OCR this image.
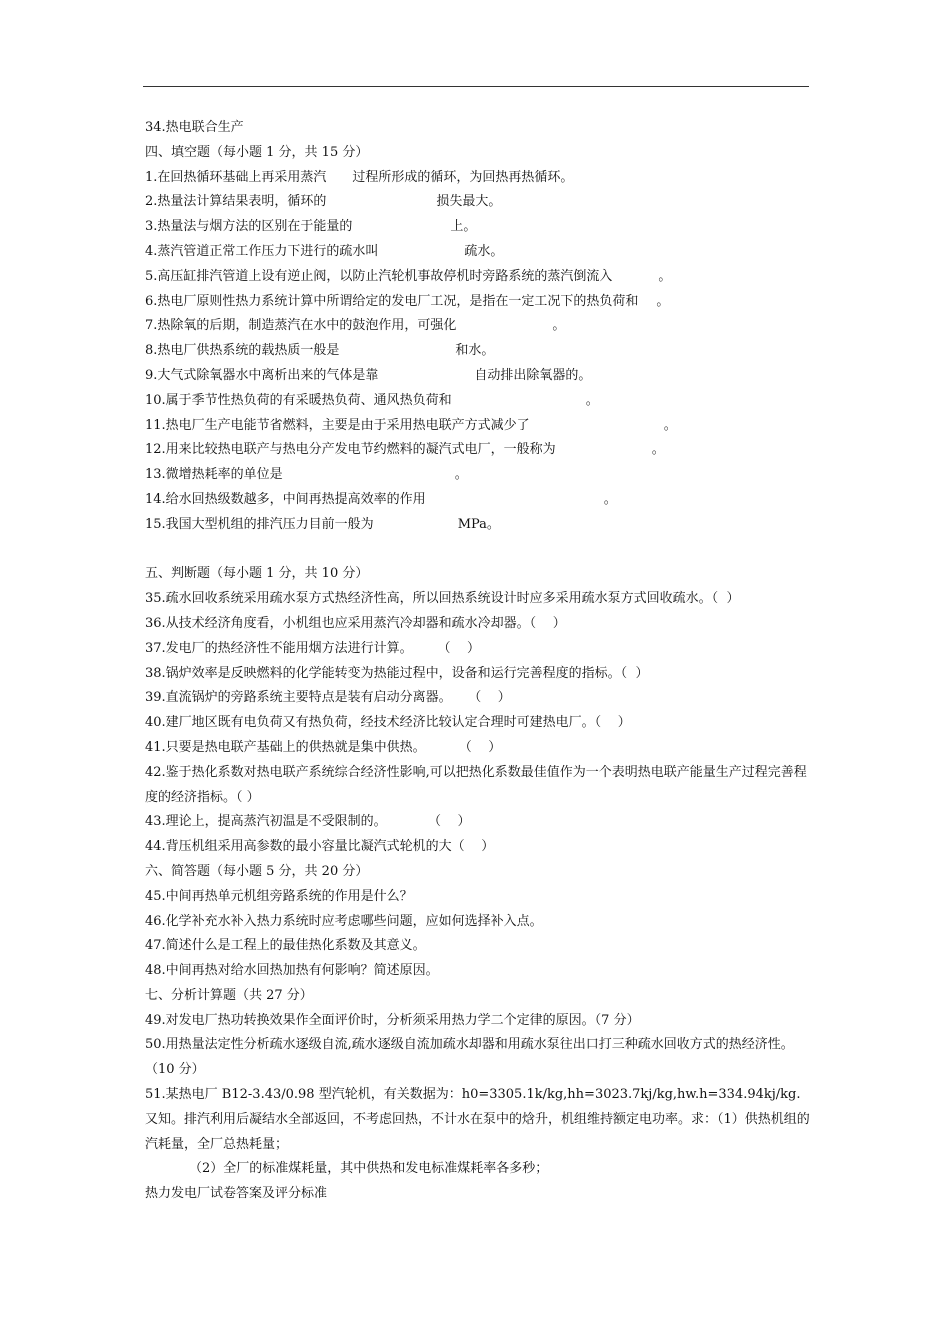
34.热电联合生产
四、填空题（每小题 1 分，共 15 分）
1.在回热循环基础上再采用蒸汽 过程所形成的循环，为回热再热循环。
2.热量法计算结果表明，循环的	损失最大。
3.热量法与烟方法的区别在于能量的	上。
4.蒸汽管道正常工作压力下进行的疏水叫	疏水。
5.高压缸排汽管道上设有逆止阀，以防止汽轮机事故停机时旁路系统的蒸汽倒流入	。
6.热电厂原则性热力系统计算中所谓给定的发电厂工况，是指在一定工况下的热负荷和 。
7.热除氧的后期，制造蒸汽在水中的鼓泡作用，可强化	。
8.热电厂供热系统的载热质一般是	和水。
9.大气式除氧器水中离析出来的气体是靠	自动排出除氧器的。
10.属于季节性热负荷的有采暖热负荷、通风热负荷和	。
11.热电厂生产电能节省燃料，主要是由于采用热电联产方式减少了	。
12.用来比较热电联产与热电分产发电节约燃料的凝汽式电厂，一般称为	。
13.微增热耗率的单位是	。
14.给水回热级数越多，中间再热提高效率的作用	。
15.我国大型机组的排汽压力目前一般为	MPa。
五、判断题（每小题 1 分，共 10 分）
35.疏水回收系统采用疏水泵方式热经济性高，所以回热系统设计时应多采用疏水泵方式回收疏水。（  ）
36.从技术经济角度看，小机组也应采用蒸汽冷却器和疏水冷却器。（    ）
37.发电厂的热经济性不能用烟方法进行计算。      （    ）
38.锅炉效率是反映燃料的化学能转变为热能过程中，设备和运行完善程度的指标。（  ）
39.直流锅炉的旁路系统主要特点是装有启动分离器。    （    ）
40.建厂地区既有电负荷又有热负荷，经技术经济比较认定合理时可建热电厂。（    ）
41.只要是热电联产基础上的供热就是集中供热。        （    ）
42.鉴于热化系数对热电联产系统综合经济性影响,可以把热化系数最佳值作为一个表明热电联产能量生产过程完善程度的经济指标。（ ）
43.理论上，提高蒸汽初温是不受限制的。          （    ）
44.背压机组采用高参数的最小容量比凝汽式轮机的大（    ）
六、简答题（每小题 5 分，共 20 分）
45.中间再热单元机组旁路系统的作用是什么？
46.化学补充水补入热力系统时应考虑哪些问题，应如何选择补入点。
47.简述什么是工程上的最佳热化系数及其意义。
48.中间再热对给水回热加热有何影响？简述原因。
七、分析计算题（共 27 分）
49.对发电厂热功转换效果作全面评价时，分析须采用热力学二个定律的原因。（7 分）
50.用热量法定性分析疏水逐级自流,疏水逐级自流加疏水却器和用疏水泵往出口打三种疏水回收方式的热经济性。（10 分）
51.某热电厂 B12-3.43/0.98 型汽轮机，有关数据为：h0=3305.1k/kg,hh=3023.7kj/kg,hw.h=334.94kj/kg.又知。排汽利用后凝结水全部返回，不考虑回热，不计水在泵中的焓升，机组维持额定电功率。求：（1）供热机组的汽耗量，全厂总热耗量；
（2）全厂的标准煤耗量，其中供热和发电标准煤耗率各多秒；
热力发电厂试卷答案及评分标准
